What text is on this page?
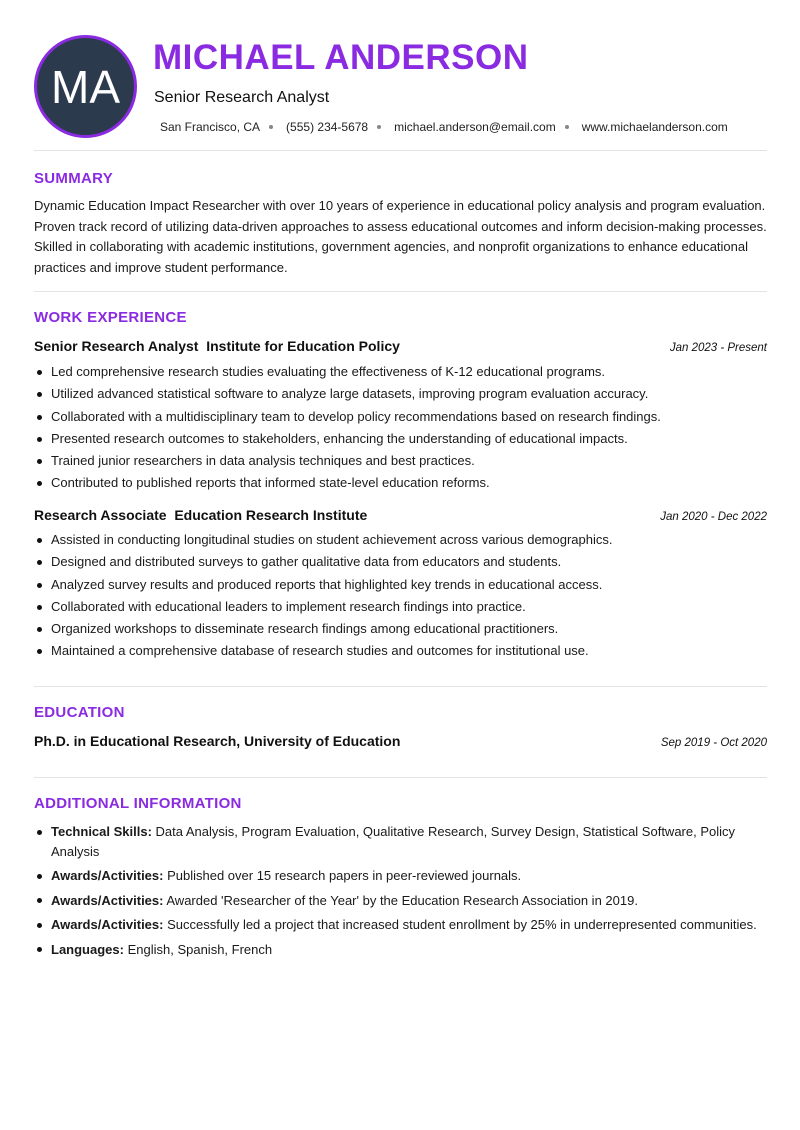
MA
MICHAEL ANDERSON
Senior Research Analyst
San Francisco, CA (555) 234-5678 michael.anderson@email.com www.michaelanderson.com
SUMMARY

Dynamic Education Impact Researcher with over 10 years of experience in educational policy analysis and program evaluation. Proven track record of utilizing data-driven approaches to assess educational outcomes and inform decision-making processes. Skilled in collaborating with academic institutions, government agencies, and nonprofit organizations to enhance educational practices and improve student performance.

WORK EXPERIENCE
Senior Research Analyst  Institute for Education Policy	Jan 2023 - Present
Led comprehensive research studies evaluating the effectiveness of K-12 educational programs.
Utilized advanced statistical software to analyze large datasets, improving program evaluation accuracy.
Collaborated with a multidisciplinary team to develop policy recommendations based on research findings.
Presented research outcomes to stakeholders, enhancing the understanding of educational impacts.
Trained junior researchers in data analysis techniques and best practices.
Contributed to published reports that informed state-level education reforms.
Research Associate  Education Research Institute	Jan 2020 - Dec 2022
Assisted in conducting longitudinal studies on student achievement across various demographics.
Designed and distributed surveys to gather qualitative data from educators and students.
Analyzed survey results and produced reports that highlighted key trends in educational access.
Collaborated with educational leaders to implement research findings into practice.
Organized workshops to disseminate research findings among educational practitioners.
Maintained a comprehensive database of research studies and outcomes for institutional use.
EDUCATION
Ph.D. in Educational Research, University of Education	Sep 2019 - Oct 2020
ADDITIONAL INFORMATION
Technical Skills: Data Analysis, Program Evaluation, Qualitative Research, Survey Design, Statistical Software, Policy Analysis
Awards/Activities: Published over 15 research papers in peer-reviewed journals.
Awards/Activities: Awarded 'Researcher of the Year' by the Education Research Association in 2019.
Awards/Activities: Successfully led a project that increased student enrollment by 25% in underrepresented communities.
Languages: English, Spanish, French
